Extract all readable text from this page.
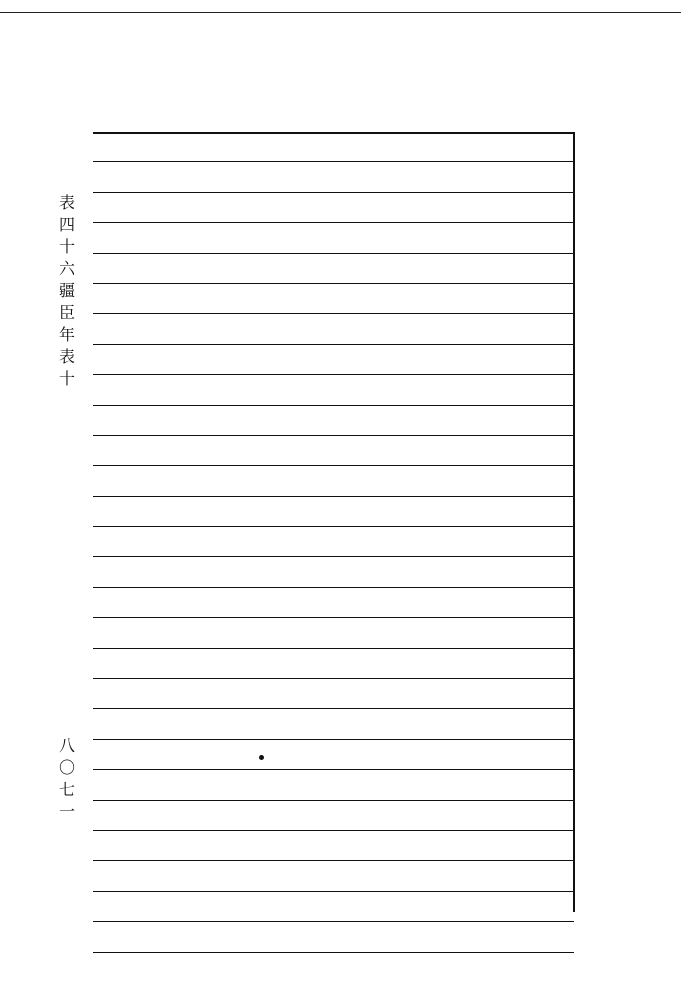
表四十六 疆臣年表十
八〇七一
